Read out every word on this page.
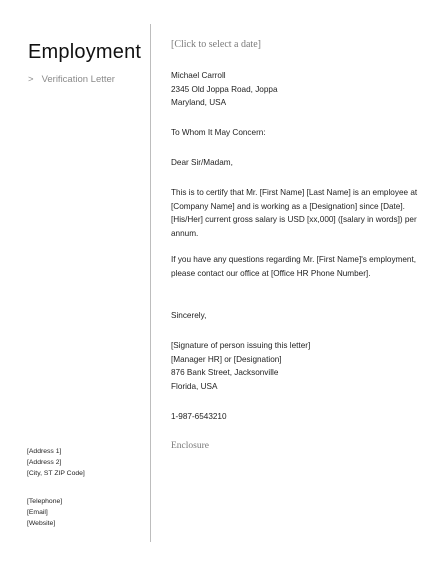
Employment
> Verification Letter
[Address 1]
[Address 2]
[City, ST ZIP Code]
[Telephone]
[Email]
[Website]
[Click to select a date]
Michael Carroll
2345 Old Joppa Road, Joppa
Maryland, USA
To Whom It May Concern:
Dear Sir/Madam,
This is to certify that Mr. [First Name] [Last Name] is an employee at
[Company Name] and is working as a [Designation] since [Date].
[His/Her] current gross salary is USD [xx,000] ([salary in words]) per
annum.
If you have any questions regarding Mr. [First Name]'s employment,
please contact our office at [Office HR Phone Number].
Sincerely,
[Signature of person issuing this letter]
[Manager HR] or [Designation]
876 Bank Street, Jacksonville
Florida, USA
1-987-6543210
Enclosure
